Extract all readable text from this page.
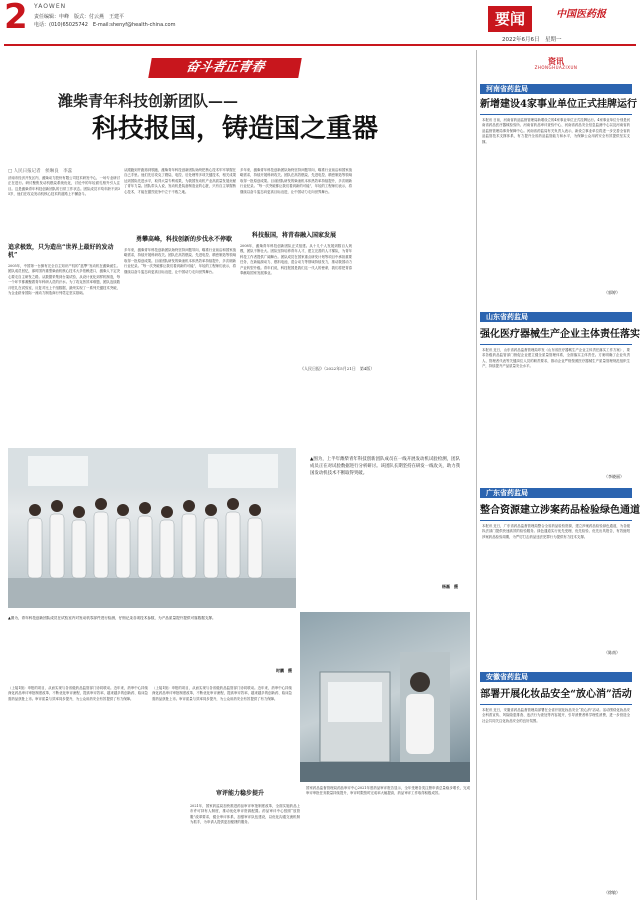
2 YAOWEN
责任编辑：申峰　版式：付云燕　王建平
电话：(010)65025742　E-mail:shenyf@health-china.com	要闻	中国医药报
2022年6月6日　星期一
奋斗者正青春
潍柴青年科技创新团队——
科技报国，铸造国之重器
□ 人民日报记者　侯琳良　李蕊
济南市经济开发区内，潍柴动力股份有限公司技术研发中心，一场专业研讨正在进行。研讨聚焦发动机燃烧系统优化，讨论中的年轻面孔格外引人注目。这是潍柴青年科技创新团队的日常工作状态。团队成员平均年龄不到35岁，他们在攻克发动机核心技术的道路上不懈奋斗。
追求极致，只为造出“世界上最好的发动机”
2005年，中国第一台拥有完全自主知识产权的“蓝擎”发动机在潍柴诞生。团队成员回忆，那时国内重型柴油机核心技术大多依赖进口，潍柴人下定决心要走自主研发之路。从数据采集到台架试验，从设计优化到样机制造，每一个环节都凝聚着青年科研人员的汗水。为了攻克热效率难题，团队连续数月驻扎在试验室，反复对比上千组数据，最终实现了一系列关键技术突破，为企业跻身国际一流动力制造商行列奠定坚实基础。
从跟跑到并跑再到领跑，潍柴青年科技创新团队始终把核心技术牢牢掌握在自己手里。他们先后攻克了燃烧、电控、后处理等多项关键技术，相关成果达到国际先进水平，取得大量专利成果，为我国发动机产业高质量发展贡献了青年力量。团队带头人说，发动机是装备制造业的心脏，只有自主掌握核心技术，才能在激烈竞争中立于不败之地。
勇攀高峰，科技创新的步伐永不停歇
多年来，潍柴青年科技创新团队始终坚持问题导向，瞄准行业前沿和国家战略需求，持续开展科研攻关。团队在高效燃烧、先进电控、精密制造等领域取得一批原创成果。目前团队研发的柴油机本体热效率持续提升，多次刷新行业纪录。“每一次突破都让我们看到新的可能”，年轻的工程师们表示，将继续以奋斗姿态向更高目标迈进，让中国动力走向世界舞台。
多年来，潍柴青年科技创新团队始终坚持问题导向，瞄准行业前沿和国家战略需求，持续开展科研攻关。团队在高效燃烧、先进电控、精密制造等领域取得一批原创成果。目前团队研发的柴油机本体热效率持续提升，多次刷新行业纪录。“每一次突破都让我们看到新的可能”，年轻的工程师们表示，将继续以奋斗姿态向更高目标迈进，让中国动力走向世界舞台。
科技报国，将青春融入国家发展
2008年，潍柴青年科技创新团队正式组建。从十几个人发展到数百人规模，团队不断壮大。团队坚持培养青年人才，建立完善的人才梯队，为青年科技工作者提供广阔舞台。团队成员在国家重点研发计划等项目中承担重要任务，在新能源动力、燃料电池、混合动力等领域持续发力，推动我国动力产业转型升级。青年们说，科技报国是我们这一代人的使命，我们将把青春奉献给国家发展事业。
《人民日报》（2022年5月21日　第4版）
▲图为，上半年潍柴青年科技创新团队成员在一线开展发动机试验检测，团队成员正在对试验数据进行分析研讨。该团队长期坚持在研发一线攻关，助力我国发动机技术不断取得突破。
杨磊　摄
▲图为，青年科技创新团队成员在试验室内对发动机零部件进行检测，仔细记录各项技术参数，为产品质量提升提供可靠数据支撑。
时鹏　摄
（上接1版）申报的项目，从而实现与各省级药品监管部门协同联动。近年来，药审中心持续深化药品审评审批制度改革，不断优化审评流程，提高审评效率，越来越多的创新药、临床急需药品获批上市。审评质量与效率同步提升，为公众用药安全有效提供了有力保障。
（上接1版）申报的项目，从而实现与各省级药品监管部门协同联动。近年来，药审中心持续深化药品审评审批制度改革，不断优化审评流程，提高审评效率，越来越多的创新药、临床急需药品获批上市。审评质量与效率同步提升，为公众用药安全有效提供了有力保障。
审评能力稳步提升
2021年，国家药监局加快推进药品审评审批制度改革，全面实施药品上市许可持有人制度，推动优化审评资源配置。药品审评中心按照“放管服”改革要求，健全审评体系，加强审评队伍建设，以优化沟通交流机制为抓手，为申请人提供更加便捷的服务。
国家药品监督管理局药品审评中心2021年度药品审评报告显示，全年受理各类注册申请总量稳步增长，完成审评审批任务数量持续提升，审评时限按时完成率大幅提高，药品审评工作取得积极成效。
资讯
ZHONGHUAZIXUN
河南省药监局
新增建设4家事业单位正式挂牌运行
本报讯 日前，河南省药品监督管理局新增设立的4家事业单位正式挂牌运行。4家事业单位分别是河南省药品医疗器械检验所、河南省药品审评查验中心、河南省药品安全信息监测中心以及河南省药品监督管理局事务保障中心。河南省药监局有关负责人表示，新设立事业单位将进一步完善全省药品监管技术支撑体系，有力提升全省药品监管能力和水平，为保障公众用药安全有效提供坚实支撑。
（郭婷）
山东省药监局
强化医疗器械生产企业主体责任落实
本报讯 近日，山东省药品监督管理局印发《山东省医疗器械生产企业主体责任落实工作方案》，要求各级药品监管部门督促企业建立健全质量管理体系，全面落实主体责任。方案明确了企业负责人、管理者代表等关键岗位人员的职责要求，推动企业严格按照医疗器械生产质量管理规范组织生产，持续提升产品质量安全水平。
（李晓丽）
广东省药监局
整合资源建立涉案药品检验绿色通道
本报讯 近日，广东省药品监督管理局整合全省药品检验资源，建立涉案药品检验绿色通道，为各级执法部门提供快速高效的检验服务。绿色通道实行优先受理、优先检验、优先出具报告，有效缩短涉案药品检验周期，为严厉打击药品违法犯罪行为提供有力技术支撑。
（陈南）
安徽省药监局
部署开展化妆品安全“放心消”活动
本报讯 近日，安徽省药品监督管理局部署在全省开展化妆品安全“放心消”活动。活动围绕化妆品安全科普宣传、风险隐患排查、违法行为查处等内容展开，引导消费者科学理性消费，进一步营造全社会共同关注化妆品安全的良好氛围。
（徐敏）
